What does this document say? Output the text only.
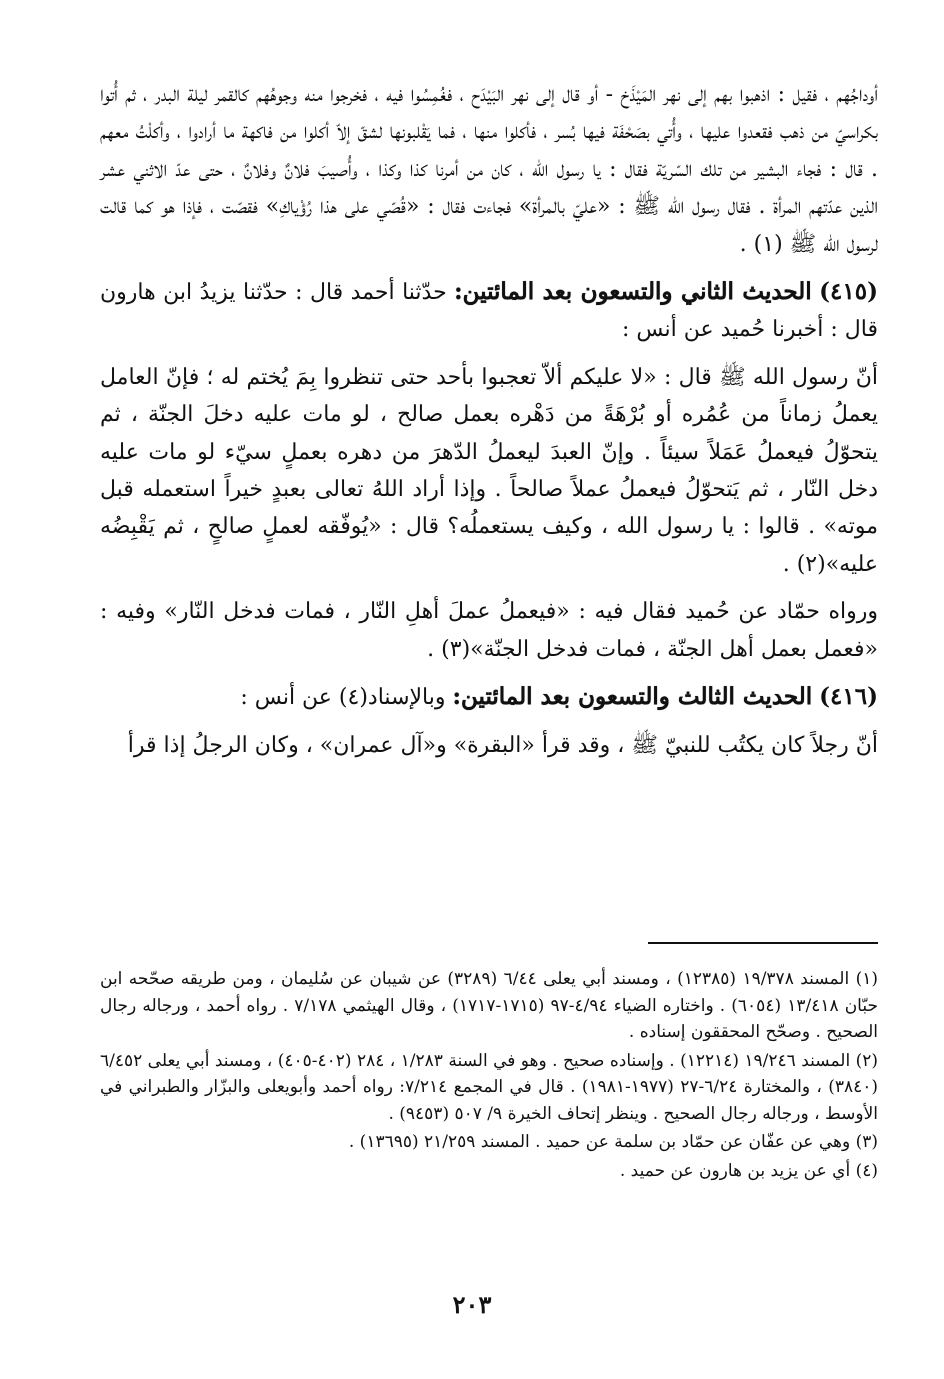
أوداجُهم ، فقيل : اذهبوا بهم إلى نهر المَيْذَخ - أو قال إلى نهر البَيْدَح ، فغُمِسُوا فيه ، فخرجوا منه وجوهُهم كالقمر ليلة البدر ، ثم أُتوا بكراسيّ من ذهب فقعدوا عليها ، وأُتي بصَحْفَة فيها بُسر ، فأكلوا منها ، فما يَقْلبونها لشقّ إلاّ أكلوا من فاكهة ما أرادوا ، وأكلْتُ معهم . قال : فجاء البشير من تلك السّريّة فقال : يا رسول الله ، كان من أمرنا كذا وكذا ، وأُصيبَ فلانٌ وفلانٌ ، حتى عدّ الاثني عشر الذين عدّتهم المرأة . فقال رسول الله ﷺ : «عليّ بالمرأة» فجاءت فقال : «قُصّي على هذا رُؤْياكِ» فقصّت ، فإذا هو كما قالت لرسول الله ﷺ (١) .

(٤١٥) الحديث الثاني والتسعون بعد المائتين: حدّثنا أحمد قال : حدّثنا يزيدُ ابن هارون قال : أخبرنا حُميد عن أنس :

أنّ رسول الله ﷺ قال : «لا عليكم ألاّ تعجبوا بأحد حتى تنظروا بِمَ يُختم له ؛ فإنّ العامل يعملُ زماناً من عُمُره أو بُرْهَةً من دَهْره بعمل صالح ، لو مات عليه دخلَ الجنّة ، ثم يتحوّلُ فيعملُ عَمَلاً سيئاً . وإنّ العبدَ ليعملُ الدّهرَ من دهره بعملٍ سيّء لو مات عليه دخل النّار ، ثم يَتحوّلُ فيعملُ عملاً صالحاً . وإذا أراد اللهُ تعالى بعبدٍ خيراً استعمله قبل موته» . قالوا : يا رسول الله ، وكيف يستعملُه؟ قال : «يُوفّقه لعملٍ صالحٍ ، ثم يَقْبِضُه عليه»(٢) .

ورواه حمّاد عن حُميد فقال فيه : «فيعملُ عملَ أهلِ النّار ، فمات فدخل النّار» وفيه : «فعمل بعمل أهل الجنّة ، فمات فدخل الجنّة»(٣) .

(٤١٦) الحديث الثالث والتسعون بعد المائتين: وبالإسناد(٤) عن أنس :

أنّ رجلاً كان يكتُب للنبيّ ﷺ ، وقد قرأ «البقرة» و«آل عمران» ، وكان الرجلُ إذا قرأ

(١) المسند ١٩/٣٧٨ (١٢٣٨٥) ، ومسند أبي يعلى ٦/٤٤ (٣٢٨٩) عن شيبان عن سُليمان ، ومن طريقه صحّحه ابن حبّان ١٣/٤١٨ (٦٠٥٤) . واختاره الضياء ٤/٩٤-٩٧ (١٧١٥-١٧١٧) ، وقال الهيثمي ٧/١٧٨ . رواه أحمد ، ورجاله رجال الصحيح . وصحّح المحققون إسناده .

(٢) المسند ١٩/٢٤٦ (١٢٢١٤) . وإسناده صحيح . وهو في السنة ١/٢٨٣ ، ٢٨٤ (٤٠٢-٤٠٥) ، ومسند أبي يعلى ٦/٤٥٢ (٣٨٤٠) ، والمختارة ٦/٢٤-٢٧ (١٩٧٧-١٩٨١) . قال في المجمع ٧/٢١٤: رواه أحمد وأبويعلى والبزّار والطبراني في الأوسط ، ورجاله رجال الصحيح . وينظر إتحاف الخيرة ٩/ ٥٠٧ (٩٤٥٣) .

(٣) وهي عن عفّان عن حمّاد بن سلمة عن حميد . المسند ٢١/٢٥٩ (١٣٦٩٥) .

(٤) أي عن يزيد بن هارون عن حميد .

٢٠٣
